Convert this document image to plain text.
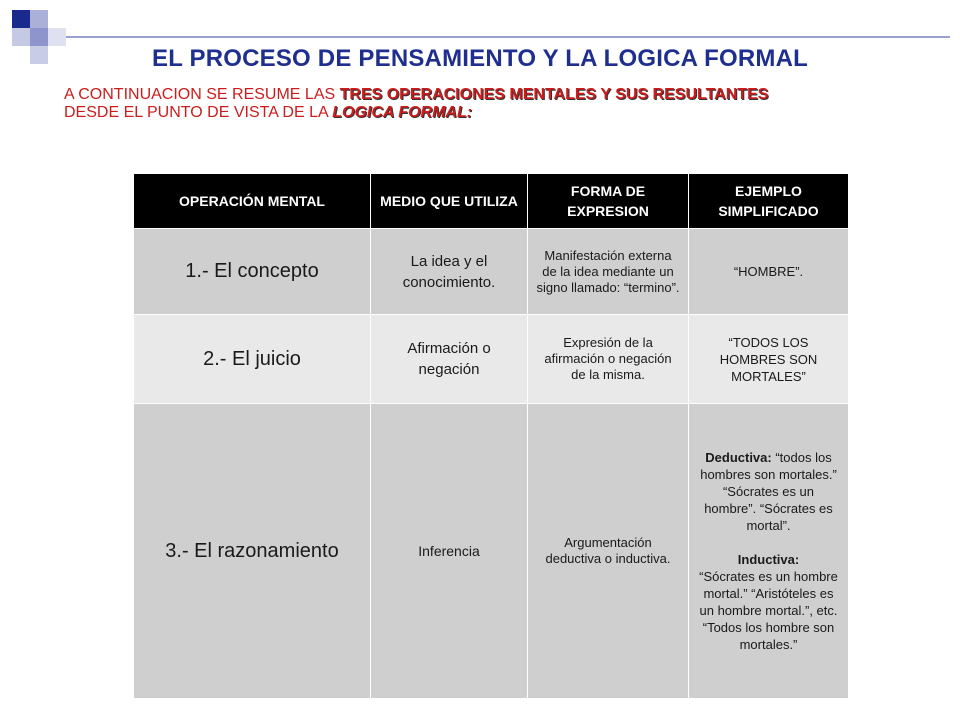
EL PROCESO DE PENSAMIENTO Y LA LOGICA FORMAL
A CONTINUACION SE RESUME LAS TRES OPERACIONES MENTALES Y SUS RESULTANTES
DESDE EL PUNTO DE VISTA DE LA LOGICA FORMAL:
OPERACIÓN MENTAL	MEDIO QUE UTILIZA	FORMA DE EXPRESION	EJEMPLO SIMPLIFICADO
1.- El concepto	La idea y el conocimiento.	Manifestación externa de la idea mediante un signo llamado: “termino”.	“HOMBRE”.
2.- El juicio	Afirmación o negación	Expresión de la afirmación o negación de la misma.	“TODOS LOS HOMBRES SON MORTALES”
3.- El razonamiento	Inferencia	Argumentación deductiva o inductiva.	Deductiva: “todos los hombres son mortales.” “Sócrates es un hombre”. “Sócrates es mortal”.
Inductiva:
“Sócrates es un hombre mortal.” “Aristóteles es un hombre mortal.”, etc. “Todos los hombre son mortales.”
